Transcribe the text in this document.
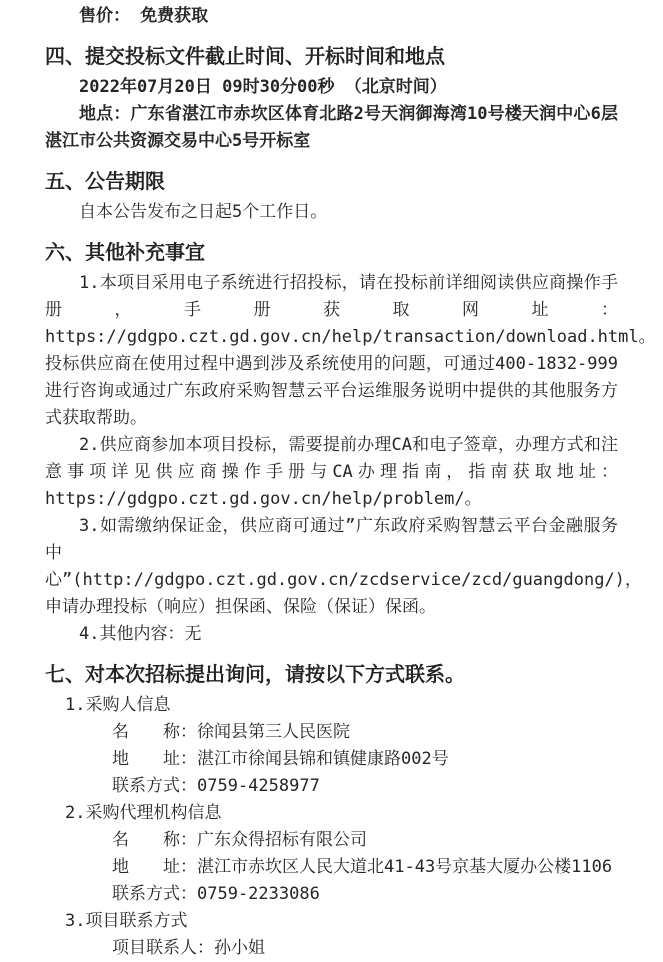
售价： 免费获取

四、提交投标文件截止时间、开标时间和地点

2022年07月20日 09时30分00秒 （北京时间）

地点：广东省湛江市赤坎区体育北路2号天润御海湾10号楼天润中心6层湛江市公共资源交易中心5号开标室

五、公告期限

自本公告发布之日起5个工作日。

六、其他补充事宜

1.本项目采用电子系统进行招投标，请在投标前详细阅读供应商操作手册，手册获取网址：https://gdgpo.czt.gd.gov.cn/help/transaction/download.html。投标供应商在使用过程中遇到涉及系统使用的问题，可通过400-1832-999进行咨询或通过广东政府采购智慧云平台运维服务说明中提供的其他服务方式获取帮助。

2.供应商参加本项目投标，需要提前办理CA和电子签章，办理方式和注意事项详见供应商操作手册与CA办理指南，指南获取地址：https://gdgpo.czt.gd.gov.cn/help/problem/。

3.如需缴纳保证金，供应商可通过”广东政府采购智慧云平台金融服务中心”(http://gdgpo.czt.gd.gov.cn/zcdservice/zcd/guangdong/)，申请办理投标（响应）担保函、保险（保证）保函。

4.其他内容：无

七、对本次招标提出询问，请按以下方式联系。

1.采购人信息

名　　称：徐闻县第三人民医院

地　　址：湛江市徐闻县锦和镇健康路002号

联系方式：0759-4258977

2.采购代理机构信息

名　　称：广东众得招标有限公司

地　　址：湛江市赤坎区人民大道北41-43号京基大厦办公楼1106

联系方式：0759-2233086

3.项目联系方式

项目联系人：孙小姐
